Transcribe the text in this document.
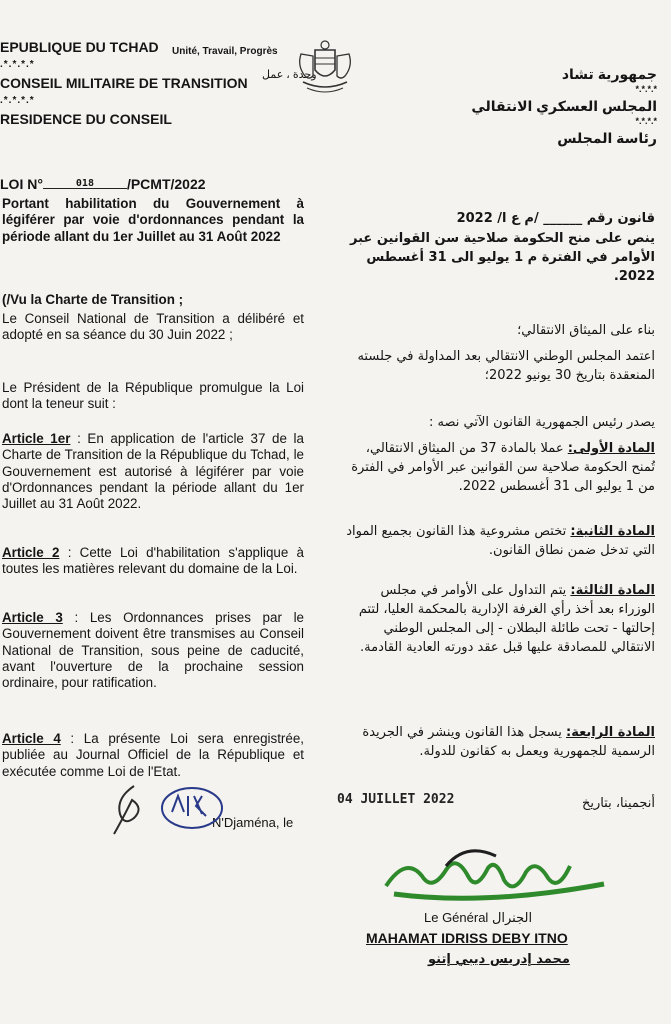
EPUBLIQUE DU TCHAD
.*.*.*.*
CONSEIL MILITAIRE DE TRANSITION
.*.*.*.*
RESIDENCE DU CONSEIL
Unité, Travail, Progrès
وحدة ، عمل	جمهورية تشاد
*.*.*.*
المجلس العسكري الانتقالي
*.*.*.*
رئاسة المجلس
LOI N°	018	/PCMT/2022
Portant habilitation du Gouvernement à légiférer par voie d'ordonnances pendant la période allant du 1er Juillet au 31 Août 2022
(/Vu la Charte de Transition ;
Le Conseil National de Transition a délibéré et adopté en sa séance du 30 Juin 2022 ;
Le Président de la République promulgue la Loi dont la teneur suit :
Article 1er : En application de l'article 37 de la Charte de Transition de la République du Tchad, le Gouvernement est autorisé à légiférer par voie d'Ordonnances pendant la période allant du 1er Juillet au 31 Août 2022.
Article 2 : Cette Loi d'habilitation s'applique à toutes les matières relevant du domaine de la Loi.
Article 3 : Les Ordonnances prises par le Gouvernement doivent être transmises au Conseil National de Transition, sous peine de caducité, avant l'ouverture de la prochaine session ordinaire, pour ratification.
Article 4 : La présente Loi sera enregistrée, publiée au Journal Officiel de la République et exécutée comme Loi de l'Etat.
N'Djaména, le
قانون رقم ______ /م ع ا/ 2022
ينص على منح الحكومة صلاحية سن القوانين عبر الأوامر في الفترة م 1 يوليو الى 31 أغسطس 2022.
بناء على الميثاق الانتقالي؛
اعتمد المجلس الوطني الانتقالي بعد المداولة في جلسته المنعقدة بتاريخ 30 يونيو 2022؛
يصدر رئيس الجمهورية القانون الآتي نصه :
المادة الأولى: عملا بالمادة 37 من الميثاق الانتقالي، تُمنح الحكومة صلاحية سن القوانين عبر الأوامر في الفترة من 1 يوليو الى 31 أغسطس 2022.
المادة الثانية: تختص مشروعية هذا القانون بجميع المواد التي تدخل ضمن نطاق القانون.
المادة الثالثة: يتم التداول على الأوامر في مجلس الوزراء بعد أخذ رأي الغرفة الإدارية بالمحكمة العليا، لتتم إحالتها - تحت طائلة البطلان - إلى المجلس الوطني الانتقالي للمصادقة عليها قبل عقد دورته العادية القادمة.
المادة الرابعة: يسجل هذا القانون وينشر في الجريدة الرسمية للجمهورية ويعمل به كقانون للدولة.
أنجمينا، بتاريخ
04 JUILLET 2022
Le Général الجنرال
MAHAMAT IDRISS DEBY ITNO
محمد إدريس ديبي إتنو
